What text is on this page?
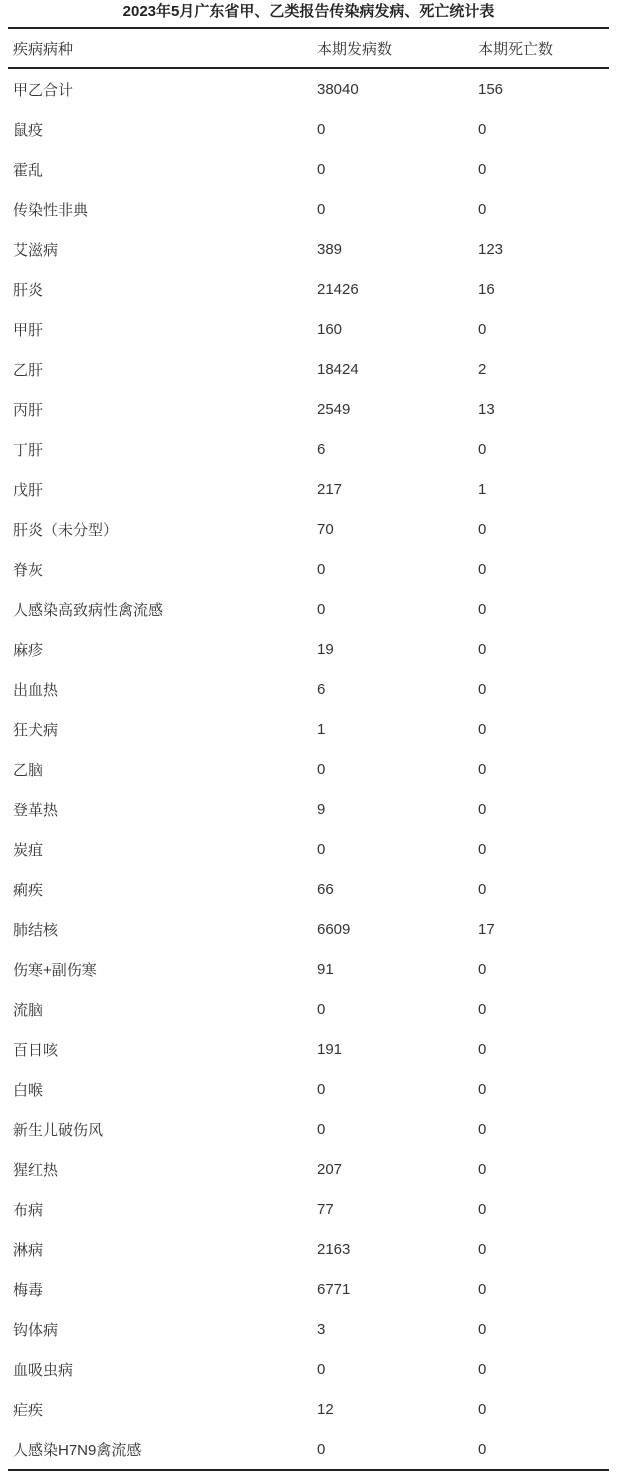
2023年5月广东省甲、乙类报告传染病发病、死亡统计表
疾病病种	本期发病数	本期死亡数
甲乙合计	38040	156
鼠疫	0	0
霍乱	0	0
传染性非典	0	0
艾滋病	389	123
肝炎	21426	16
甲肝	160	0
乙肝	18424	2
丙肝	2549	13
丁肝	6	0
戊肝	217	1
肝炎（未分型）	70	0
脊灰	0	0
人感染高致病性禽流感	0	0
麻疹	19	0
出血热	6	0
狂犬病	1	0
乙脑	0	0
登革热	9	0
炭疽	0	0
痢疾	66	0
肺结核	6609	17
伤寒+副伤寒	91	0
流脑	0	0
百日咳	191	0
白喉	0	0
新生儿破伤风	0	0
猩红热	207	0
布病	77	0
淋病	2163	0
梅毒	6771	0
钩体病	3	0
血吸虫病	0	0
疟疾	12	0
人感染H7N9禽流感	0	0
